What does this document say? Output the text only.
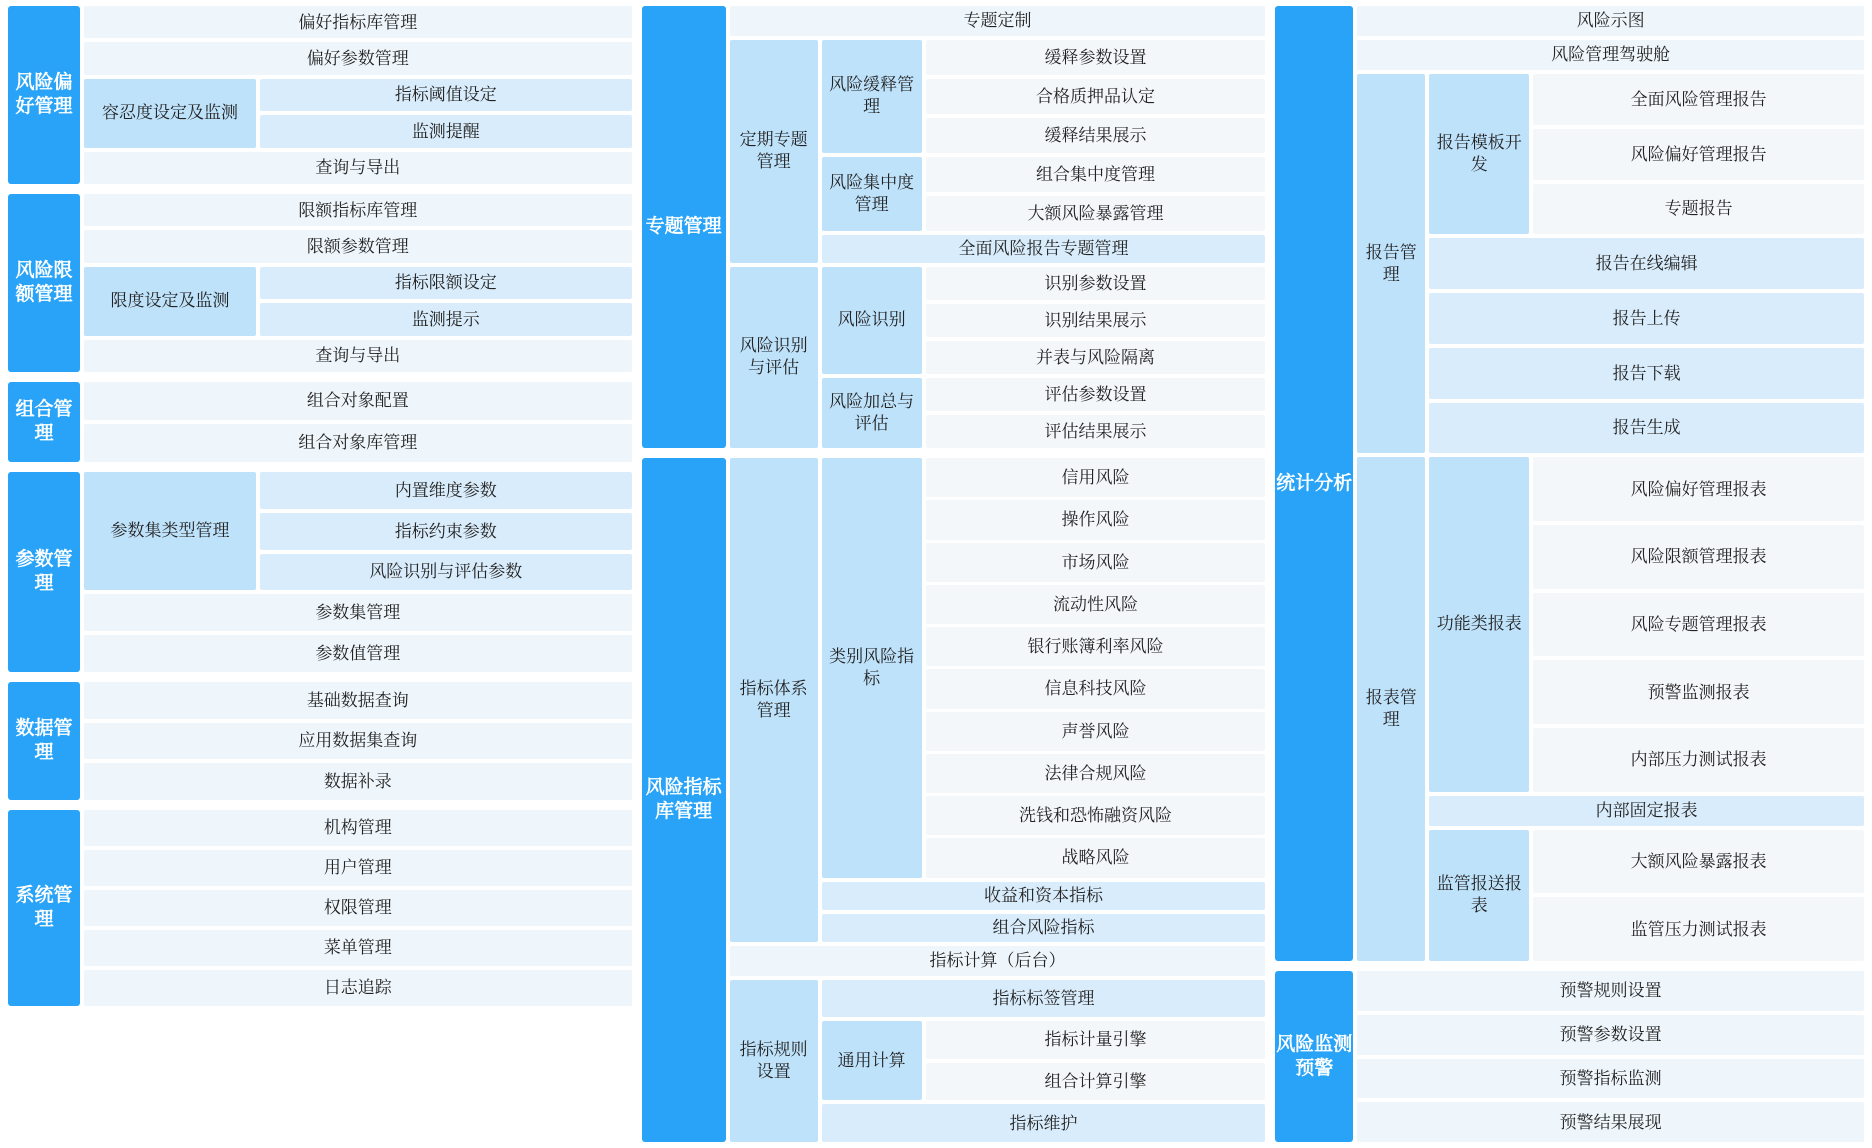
风险偏好管理
偏好指标库管理
偏好参数管理
容忍度设定及监测
指标阈值设定
监测提醒
查询与导出
风险限额管理
限额指标库管理
限额参数管理
限度设定及监测
指标限额设定
监测提示
查询与导出
组合管理
组合对象配置
组合对象库管理
参数管理
参数集类型管理
内置维度参数
指标约束参数
风险识别与评估参数
参数集管理
参数值管理
数据管理
基础数据查询
应用数据集查询
数据补录
系统管理
机构管理
用户管理
权限管理
菜单管理
日志追踪
专题管理
专题定制
定期专题管理
风险缓释管理
缓释参数设置
合格质押品认定
缓释结果展示
风险集中度管理
组合集中度管理
大额风险暴露管理
全面风险报告专题管理
风险识别与评估
风险识别
识别参数设置
识别结果展示
并表与风险隔离
风险加总与评估
评估参数设置
评估结果展示
风险指标库管理
指标体系管理
类别风险指标
信用风险
操作风险
市场风险
流动性风险
银行账簿利率风险
信息科技风险
声誉风险
法律合规风险
洗钱和恐怖融资风险
战略风险
收益和资本指标
组合风险指标
指标计算（后台）
指标规则设置
指标标签管理
通用计算
指标计量引擎
组合计算引擎
指标维护
统计分析
风险示图
风险管理驾驶舱
报告管理
报告模板开发
全面风险管理报告
风险偏好管理报告
专题报告
报告在线编辑
报告上传
报告下载
报告生成
报表管理
功能类报表
风险偏好管理报表
风险限额管理报表
风险专题管理报表
预警监测报表
内部压力测试报表
内部固定报表
监管报送报表
大额风险暴露报表
监管压力测试报表
风险监测预警
预警规则设置
预警参数设置
预警指标监测
预警结果展现
